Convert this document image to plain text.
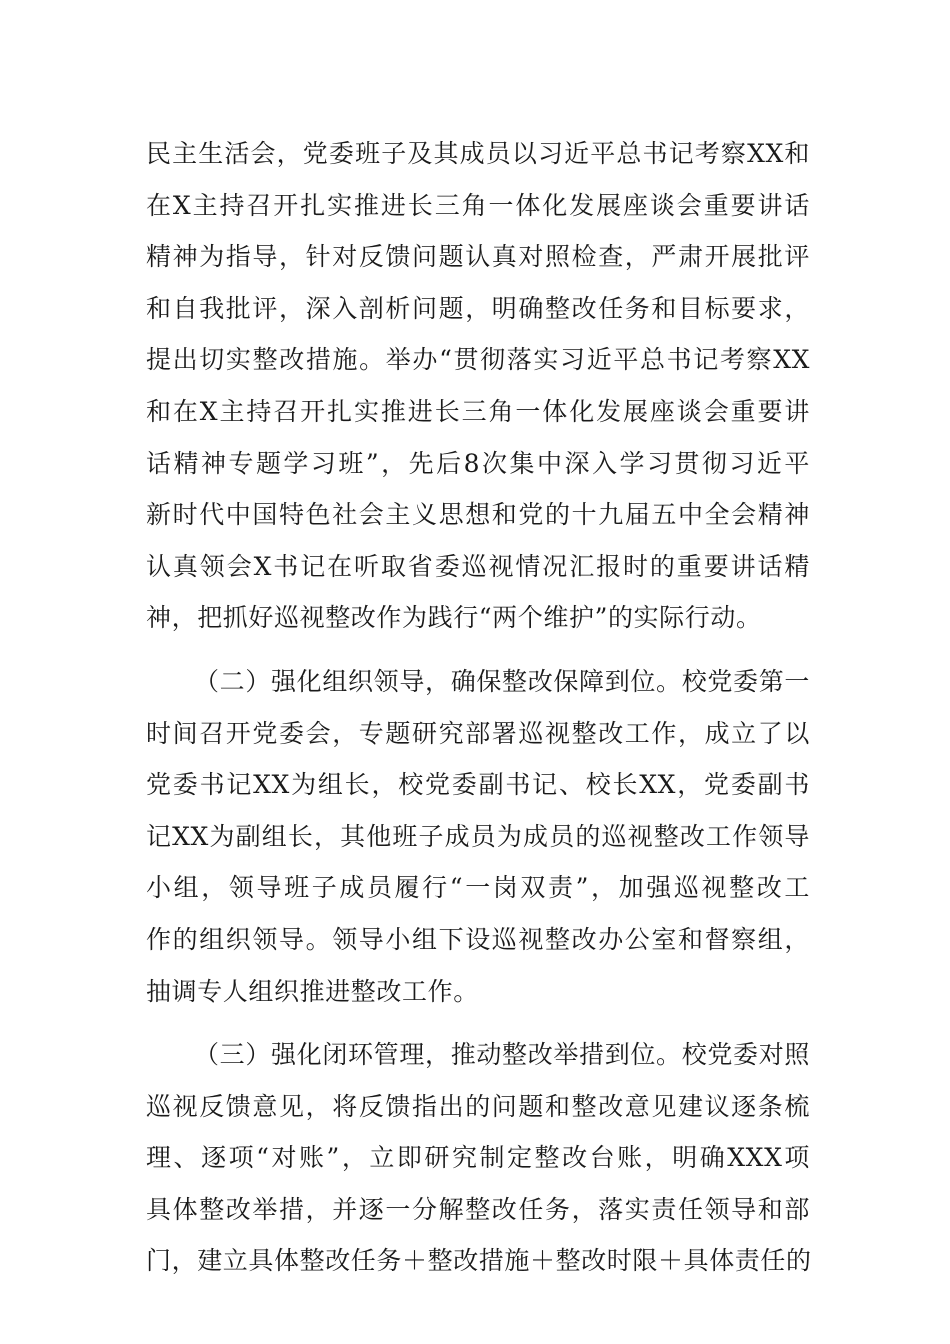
民主生活会，党委班子及其成员以习近平总书记考察XX和
在X主持召开扎实推进长三角一体化发展座谈会重要讲话
精神为指导，针对反馈问题认真对照检查，严肃开展批评
和自我批评，深入剖析问题，明确整改任务和目标要求，
提出切实整改措施。举办“贯彻落实习近平总书记考察XX
和在X主持召开扎实推进长三角一体化发展座谈会重要讲
话精神专题学习班”，先后8次集中深入学习贯彻习近平
新时代中国特色社会主义思想和党的十九届五中全会精神
认真领会X书记在听取省委巡视情况汇报时的重要讲话精
神，把抓好巡视整改作为践行“两个维护”的实际行动。
（二）强化组织领导，确保整改保障到位。校党委第一
时间召开党委会，专题研究部署巡视整改工作，成立了以
党委书记XX为组长，校党委副书记、校长XX，党委副书
记XX为副组长，其他班子成员为成员的巡视整改工作领导
小组，领导班子成员履行“一岗双责”，加强巡视整改工
作的组织领导。领导小组下设巡视整改办公室和督察组，
抽调专人组织推进整改工作。
（三）强化闭环管理，推动整改举措到位。校党委对照
巡视反馈意见，将反馈指出的问题和整改意见建议逐条梳
理、逐项“对账”，立即研究制定整改台账，明确XXX项
具体整改举措，并逐一分解整改任务，落实责任领导和部
门，建立具体整改任务＋整改措施＋整改时限＋具体责任的
